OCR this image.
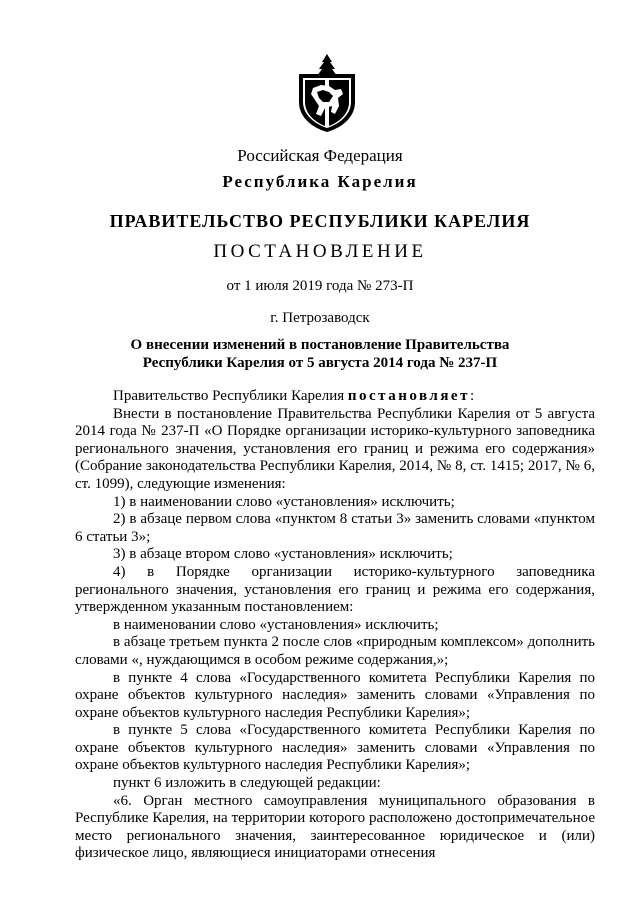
Российская Федерация
Республика Карелия
ПРАВИТЕЛЬСТВО РЕСПУБЛИКИ КАРЕЛИЯ
ПОСТАНОВЛЕНИЕ
от 1 июля 2019 года № 273-П
г. Петрозаводск
О внесении изменений в постановление Правительства
Республики Карелия от 5 августа 2014 года № 237-П

Правительство Республики Карелия постановляет:

Внести в постановление Правительства Республики Карелия от 5 августа 2014 года № 237-П «О Порядке организации историко-культурного заповедника регионального значения, установления его границ и режима его содержания» (Собрание законодательства Республики Карелия, 2014, № 8, ст. 1415; 2017, № 6, ст. 1099), следующие изменения:

1) в наименовании слово «установления» исключить;

2) в абзаце первом слова «пунктом 8 статьи 3» заменить словами «пунктом 6 статьи 3»;

3) в абзаце втором слово «установления» исключить;

4) в Порядке организации историко-культурного заповедника регионального значения, установления его границ и режима его содержания, утвержденном указанным постановлением:

в наименовании слово «установления» исключить;

в абзаце третьем пункта 2 после слов «природным комплексом» дополнить словами «, нуждающимся в особом режиме содержания,»;

в пункте 4 слова «Государственного комитета Республики Карелия по охране объектов культурного наследия» заменить словами «Управления по охране объектов культурного наследия Республики Карелия»;

в пункте 5 слова «Государственного комитета Республики Карелия по охране объектов культурного наследия» заменить словами «Управления по охране объектов культурного наследия Республики Карелия»;

пункт 6 изложить в следующей редакции:

«6. Орган местного самоуправления муниципального образования в Республике Карелия, на территории которого расположено достопримечательное место регионального значения, заинтересованное юридическое и (или) физическое лицо, являющиеся инициаторами отнесения
